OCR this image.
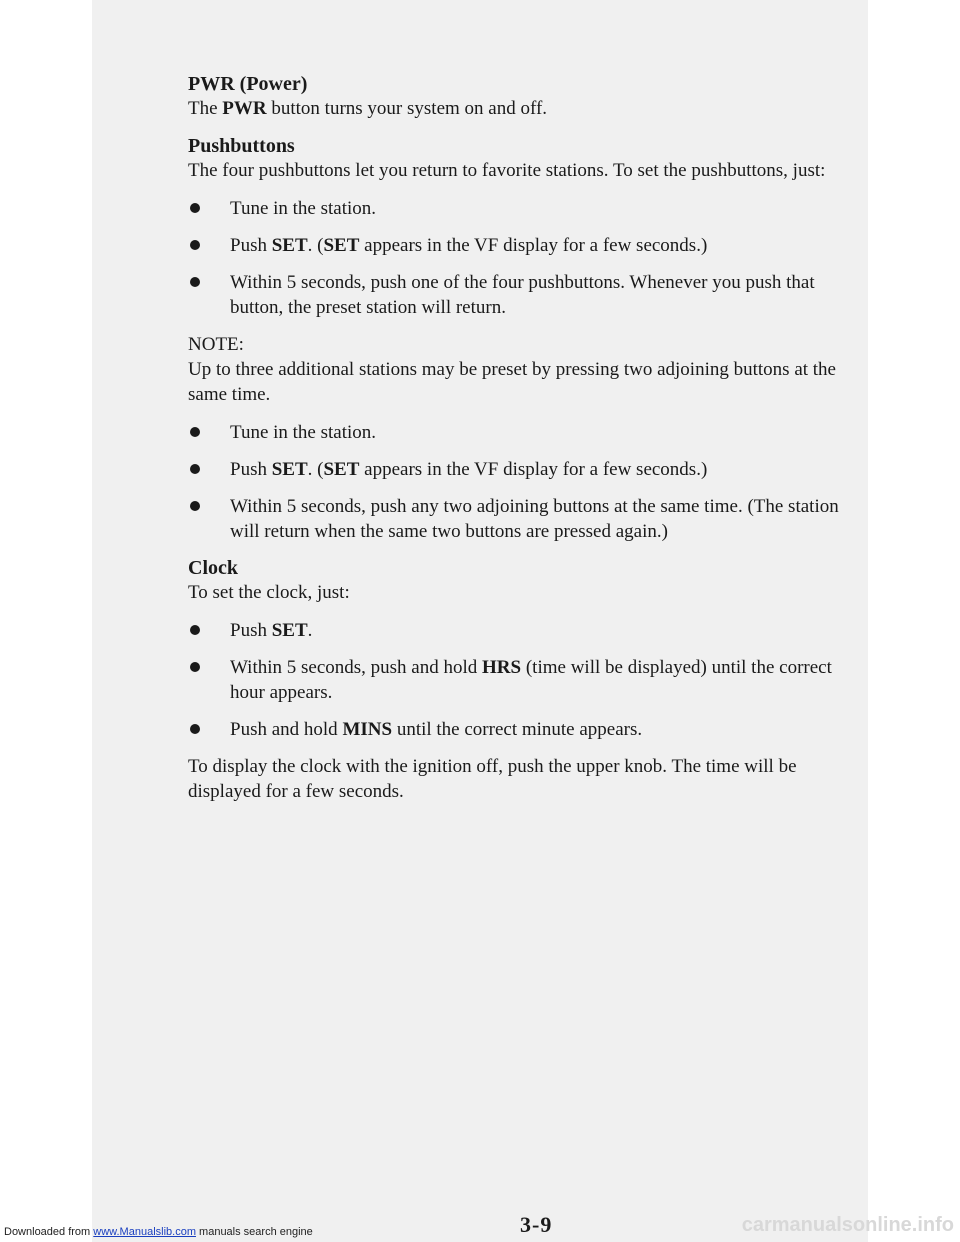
PWR (Power)

The PWR button turns your system on and off.

Pushbuttons

The four pushbuttons let you return to favorite stations. To set the pushbuttons, just:

Tune in the station.
Push SET. (SET appears in the VF display for a few seconds.)
Within 5 seconds, push one of the four pushbuttons. Whenever you push that button, the preset station will return.

NOTE:
Up to three additional stations may be preset by pressing two adjoining buttons at the same time.

Tune in the station.
Push SET. (SET appears in the VF display for a few seconds.)
Within 5 seconds, push any two adjoining buttons at the same time. (The station will return when the same two buttons are pressed again.)
Clock

To set the clock, just:

Push SET.
Within 5 seconds, push and hold HRS (time will be displayed) until the correct hour appears.
Push and hold MINS until the correct minute appears.

To display the clock with the ignition off, push the upper knob. The time will be displayed for a few seconds.

3-9
Downloaded from www.Manualslib.com manuals search engine	carmanualsonline.info
